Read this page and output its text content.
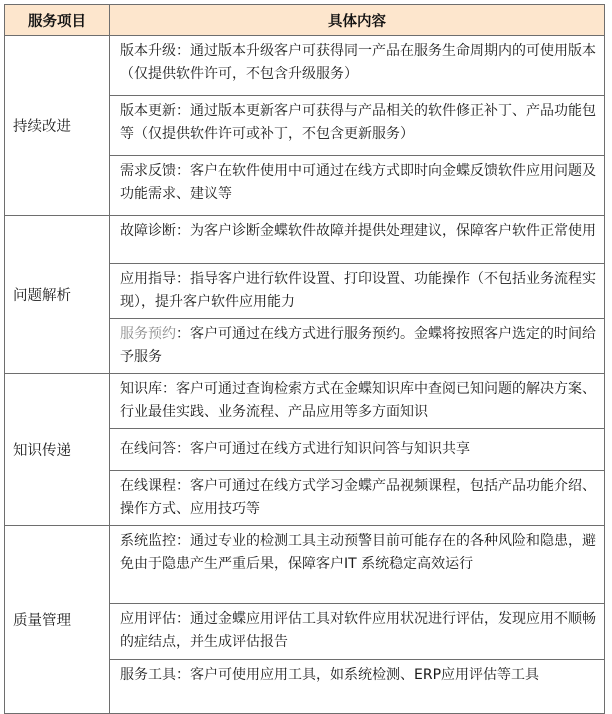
服务项目	具体内容
持续改进	版本升级：通过版本升级客户可获得同一产品在服务生命周期内的可使用版本（仅提供软件许可，不包含升级服务）
	版本更新：通过版本更新客户可获得与产品相关的软件修正补丁、产品功能包等（仅提供软件许可或补丁，不包含更新服务）
	需求反馈：客户在软件使用中可通过在线方式即时向金蝶反馈软件应用问题及功能需求、建议等
问题解析	故障诊断：为客户诊断金蝶软件故障并提供处理建议，保障客户软件正常使用
	应用指导：指导客户进行软件设置、打印设置、功能操作（不包括业务流程实现），提升客户软件应用能力
	服务预约：客户可通过在线方式进行服务预约。金蝶将按照客户选定的时间给予服务
知识传递	知识库：客户可通过查询检索方式在金蝶知识库中查阅已知问题的解决方案、行业最佳实践、业务流程、产品应用等多方面知识
	在线问答：客户可通过在线方式进行知识问答与知识共享
	在线课程：客户可通过在线方式学习金蝶产品视频课程，包括产品功能介绍、操作方式、应用技巧等
质量管理	系统监控：通过专业的检测工具主动预警目前可能存在的各种风险和隐患，避免由于隐患产生严重后果，保障客户IT 系统稳定高效运行
	应用评估：通过金蝶应用评估工具对软件应用状况进行评估，发现应用不顺畅的症结点，并生成评估报告
	服务工具：客户可使用应用工具，如系统检测、ERP应用评估等工具
